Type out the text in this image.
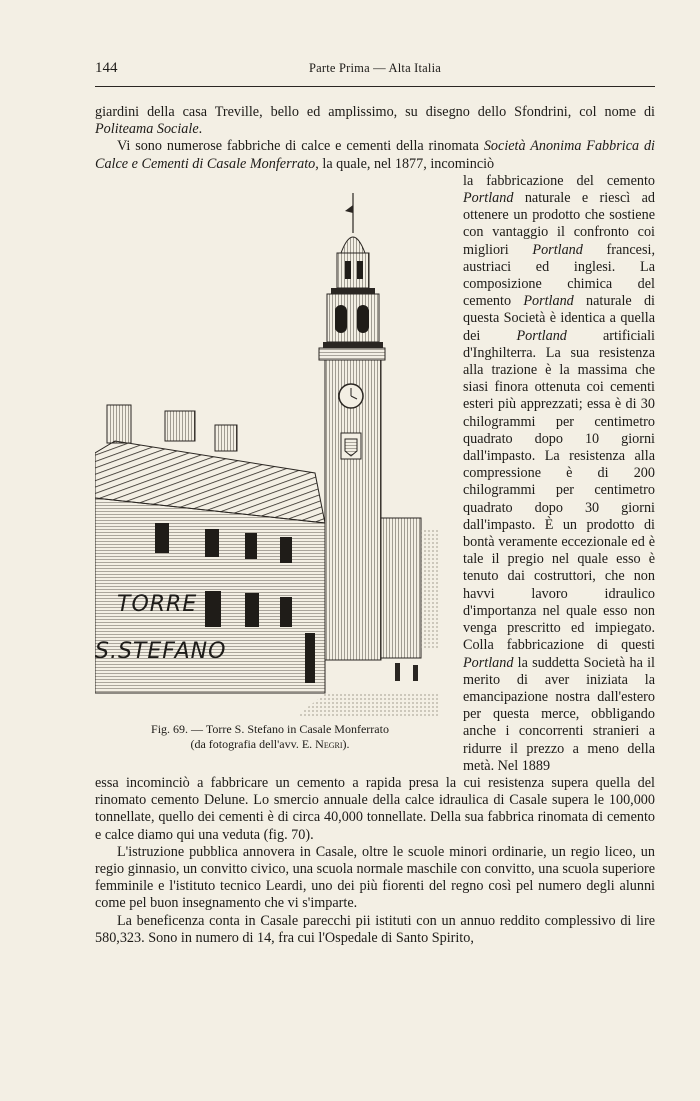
144	Parte Prima — Alta Italia

giardini della casa Treville, bello ed amplissimo, su disegno dello Sfondrini, col nome di Politeama Sociale.

Vi sono numerose fabbriche di calce e cementi della rinomata Società Anonima Fabbrica di Calce e Cementi di Casale Monferrato, la quale, nel 1877, incominciò

TORRE
S.STEFANO
Fig. 69. — Torre S. Stefano in Casale Monferrato
(da fotografia dell'avv. E. Negri).
la fabbricazione del cemento Portland naturale e riescì ad ottenere un prodotto che sostiene con vantaggio il confronto coi migliori Portland francesi, austriaci ed inglesi. La composizione chimica del cemento Portland naturale di questa Società è identica a quella dei Portland artificiali d'Inghilterra. La sua resistenza alla trazione è la massima che siasi finora ottenuta coi cementi esteri più apprezzati; essa è di 30 chilogrammi per centimetro quadrato dopo 10 giorni dall'impasto. La resistenza alla compressione è di 200 chilogrammi per centimetro quadrato dopo 30 giorni dall'impasto. È un prodotto di bontà veramente eccezionale ed è tale il pregio nel quale esso è tenuto dai costruttori, che non havvi lavoro idraulico d'importanza nel quale esso non venga prescritto ed impiegato. Colla fabbricazione di questi Portland la suddetta Società ha il merito di aver iniziata la emancipazione nostra dall'estero per questa merce, obbligando anche i concorrenti stranieri a ridurre il prezzo a meno della metà. Nel 1889

essa incominciò a fabbricare un cemento a rapida presa la cui resistenza supera quella del rinomato cemento Delune. Lo smercio annuale della calce idraulica di Casale supera le 100,000 tonnellate, quello dei cementi è di circa 40,000 tonnellate. Della sua fabbrica rinomata di cemento e calce diamo qui una veduta (fig. 70).

L'istruzione pubblica annovera in Casale, oltre le scuole minori ordinarie, un regio liceo, un regio ginnasio, un convitto civico, una scuola normale maschile con convitto, una scuola superiore femminile e l'istituto tecnico Leardi, uno dei più fiorenti del regno così pel numero degli alunni come pel buon insegnamento che vi s'imparte.

La beneficenza conta in Casale parecchi pii istituti con un annuo reddito complessivo di lire 580,323. Sono in numero di 14, fra cui l'Ospedale di Santo Spirito,
